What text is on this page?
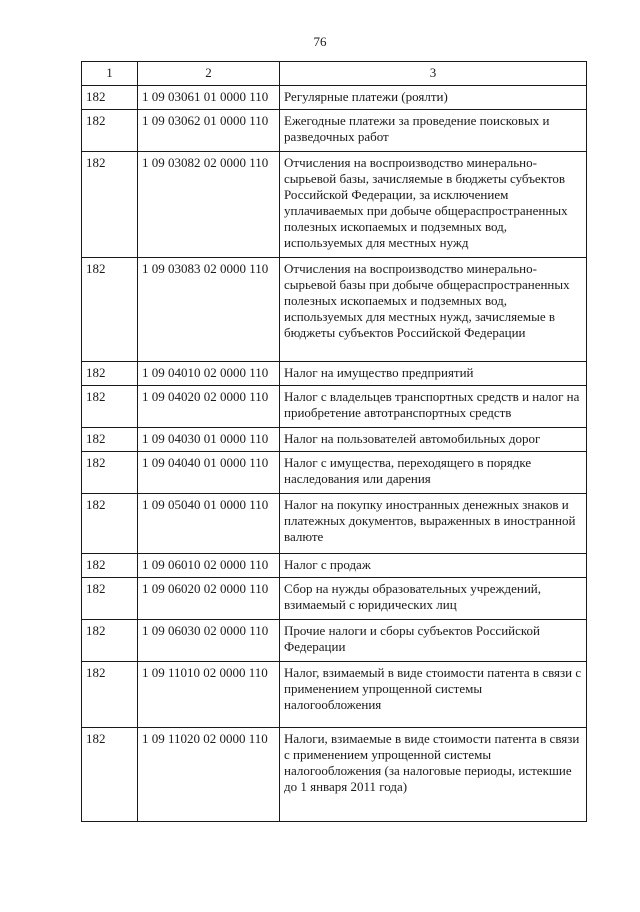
76
1	2	3
182	1 09 03061 01 0000 110	Регулярные платежи (роялти)
182	1 09 03062 01 0000 110	Ежегодные платежи за проведение поисковых и разведочных работ
182	1 09 03082 02 0000 110	Отчисления на воспроизводство минерально-сырьевой базы, зачисляемые в бюджеты субъектов Российской Федерации, за исключением уплачиваемых при добыче общераспространенных полезных ископаемых и подземных вод, используемых для местных нужд
182	1 09 03083 02 0000 110	Отчисления на воспроизводство минерально-сырьевой базы при добыче общераспространенных полезных ископаемых и подземных вод, используемых для местных нужд, зачисляемые в бюджеты субъектов Российской Федерации
182	1 09 04010 02 0000 110	Налог на имущество предприятий
182	1 09 04020 02 0000 110	Налог с владельцев транспортных средств и налог на приобретение автотранспортных средств
182	1 09 04030 01 0000 110	Налог на пользователей автомобильных дорог
182	1 09 04040 01 0000 110	Налог с имущества, переходящего в порядке наследования или дарения
182	1 09 05040 01 0000 110	Налог на покупку иностранных денежных знаков и платежных документов, выраженных в иностранной валюте
182	1 09 06010 02 0000 110	Налог с продаж
182	1 09 06020 02 0000 110	Сбор на нужды образовательных учреждений, взимаемый с юридических лиц
182	1 09 06030 02 0000 110	Прочие налоги и сборы субъектов Российской Федерации
182	1 09 11010 02 0000 110	Налог, взимаемый в виде стоимости патента в связи с применением упрощенной системы налогообложения
182	1 09 11020 02 0000 110	Налоги, взимаемые в виде стоимости патента в связи с применением упрощенной системы налогообложения (за налоговые периоды, истекшие до 1 января 2011 года)
